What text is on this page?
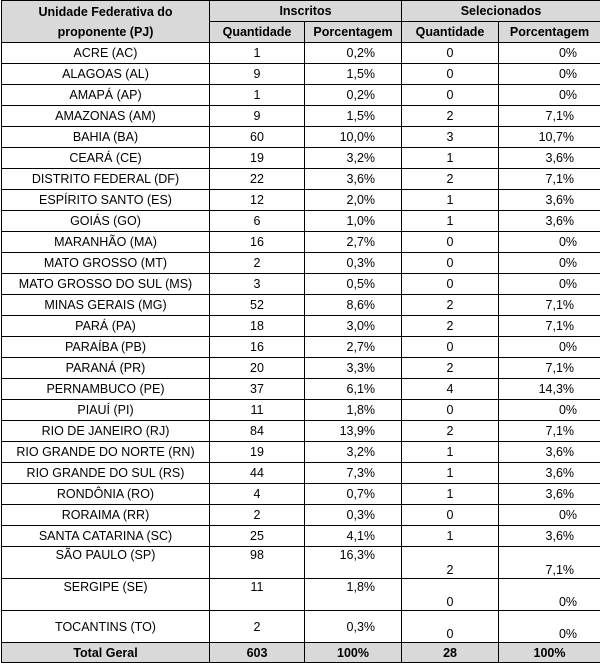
Unidade Federativa do proponente (PJ)	Inscritos		Selecionados	
	Quantidade	Porcentagem	Quantidade	Porcentagem
ACRE (AC)	1	0,2%	0	0%
ALAGOAS (AL)	9	1,5%	0	0%
AMAPÁ (AP)	1	0,2%	0	0%
AMAZONAS (AM)	9	1,5%	2	7,1%
BAHIA (BA)	60	10,0%	3	10,7%
CEARÁ (CE)	19	3,2%	1	3,6%
DISTRITO FEDERAL (DF)	22	3,6%	2	7,1%
ESPÍRITO SANTO (ES)	12	2,0%	1	3,6%
GOIÁS (GO)	6	1,0%	1	3,6%
MARANHÃO (MA)	16	2,7%	0	0%
MATO GROSSO (MT)	2	0,3%	0	0%
MATO GROSSO DO SUL (MS)	3	0,5%	0	0%
MINAS GERAIS (MG)	52	8,6%	2	7,1%
PARÁ (PA)	18	3,0%	2	7,1%
PARAÍBA (PB)	16	2,7%	0	0%
PARANÁ (PR)	20	3,3%	2	7,1%
PERNAMBUCO (PE)	37	6,1%	4	14,3%
PIAUÍ (PI)	11	1,8%	0	0%
RIO DE JANEIRO (RJ)	84	13,9%	2	7,1%
RIO GRANDE DO NORTE (RN)	19	3,2%	1	3,6%
RIO GRANDE DO SUL (RS)	44	7,3%	1	3,6%
RONDÔNIA (RO)	4	0,7%	1	3,6%
RORAIMA (RR)	2	0,3%	0	0%
SANTA CATARINA (SC)	25	4,1%	1	3,6%
SÃO PAULO (SP)	98	16,3%	2	7,1%
SERGIPE (SE)	11	1,8%	0	0%
TOCANTINS (TO)	2	0,3%	0	0%
Total Geral	603	100%	28	100%
